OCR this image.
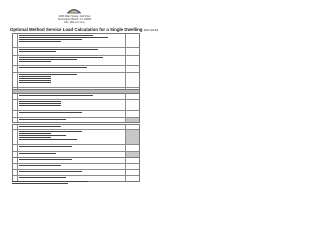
1000 Main Street, 2nd Floor
Kensington Beach, FL 33060
Fax: 954.xxx.xxxx
Optional Method Service Load Calculation for a Single Dwelling (NEC 220.82)
